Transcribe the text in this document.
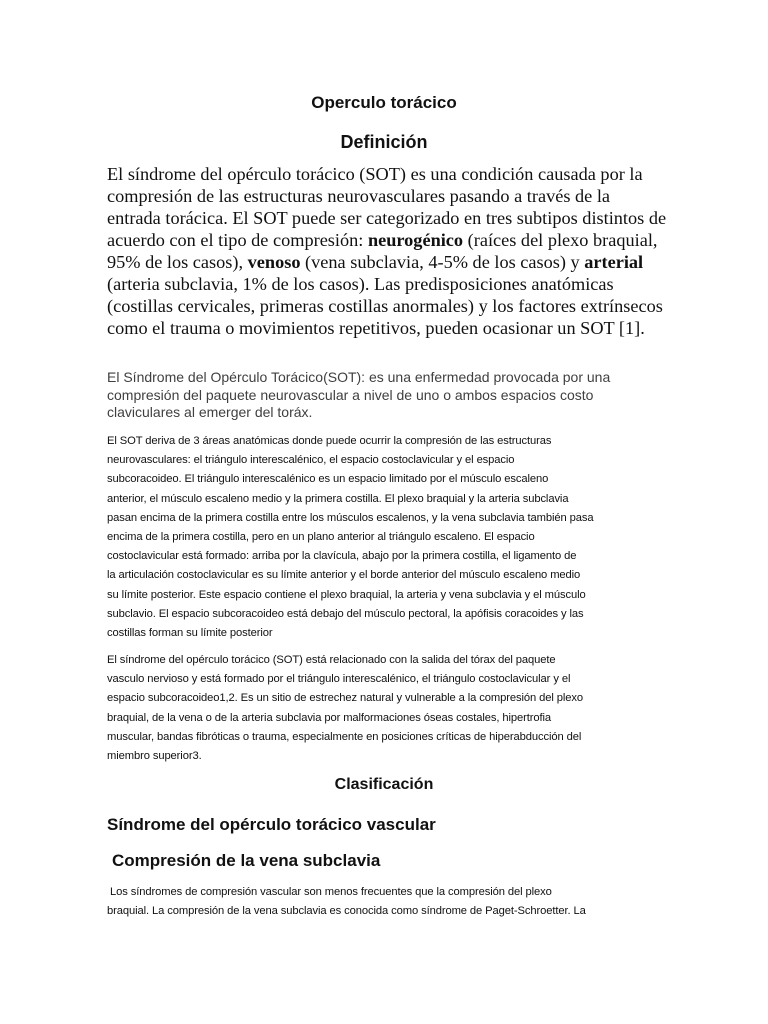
Operculo torácico
Definición

El síndrome del opérculo torácico (SOT) es una condición causada por la compresión de las estructuras neurovasculares pasando a través de la entrada torácica. El SOT puede ser categorizado en tres subtipos distintos de acuerdo con el tipo de compresión: neurogénico (raíces del plexo braquial, 95% de los casos), venoso (vena subclavia, 4-5% de los casos) y arterial (arteria subclavia, 1% de los casos). Las predisposiciones anatómicas (costillas cervicales, primeras costillas anormales) y los factores extrínsecos como el trauma o movimientos repetitivos, pueden ocasionar un SOT [1].

El Síndrome del Opérculo Torácico(SOT): es una enfermedad provocada por una compresión del paquete neurovascular a nivel de uno o ambos espacios costo claviculares al emerger del toráx.

El SOT deriva de 3 áreas anatómicas donde puede ocurrir la compresión de las estructuras
neurovasculares: el triángulo interescalénico, el espacio costoclavicular y el espacio
subcoracoideo. El triángulo interescalénico es un espacio limitado por el músculo escaleno
anterior, el músculo escaleno medio y la primera costilla. El plexo braquial y la arteria subclavia
pasan encima de la primera costilla entre los músculos escalenos, y la vena subclavia también pasa
encima de la primera costilla, pero en un plano anterior al triángulo escaleno. El espacio
costoclavicular está formado: arriba por la clavícula, abajo por la primera costilla, el ligamento de
la articulación costoclavicular es su límite anterior y el borde anterior del músculo escaleno medio
su límite posterior. Este espacio contiene el plexo braquial, la arteria y vena subclavia y el músculo
subclavio. El espacio subcoracoideo está debajo del músculo pectoral, la apófisis coracoides y las
costillas forman su límite posterior

El síndrome del opérculo torácico (SOT) está relacionado con la salida del tórax del paquete
vasculo nervioso y está formado por el triángulo interescalénico, el triángulo costoclavicular y el
espacio subcoracoideo1,2. Es un sitio de estrechez natural y vulnerable a la compresión del plexo
braquial, de la vena o de la arteria subclavia por malformaciones óseas costales, hipertrofia
muscular, bandas fibróticas o trauma, especialmente en posiciones críticas de hiperabducción del
miembro superior3.

Clasificación
Síndrome del opérculo torácico vascular
Compresión de la vena subclavia

Los síndromes de compresión vascular son menos frecuentes que la compresión del plexo
braquial. La compresión de la vena subclavia es conocida como síndrome de Paget-Schroetter. La
